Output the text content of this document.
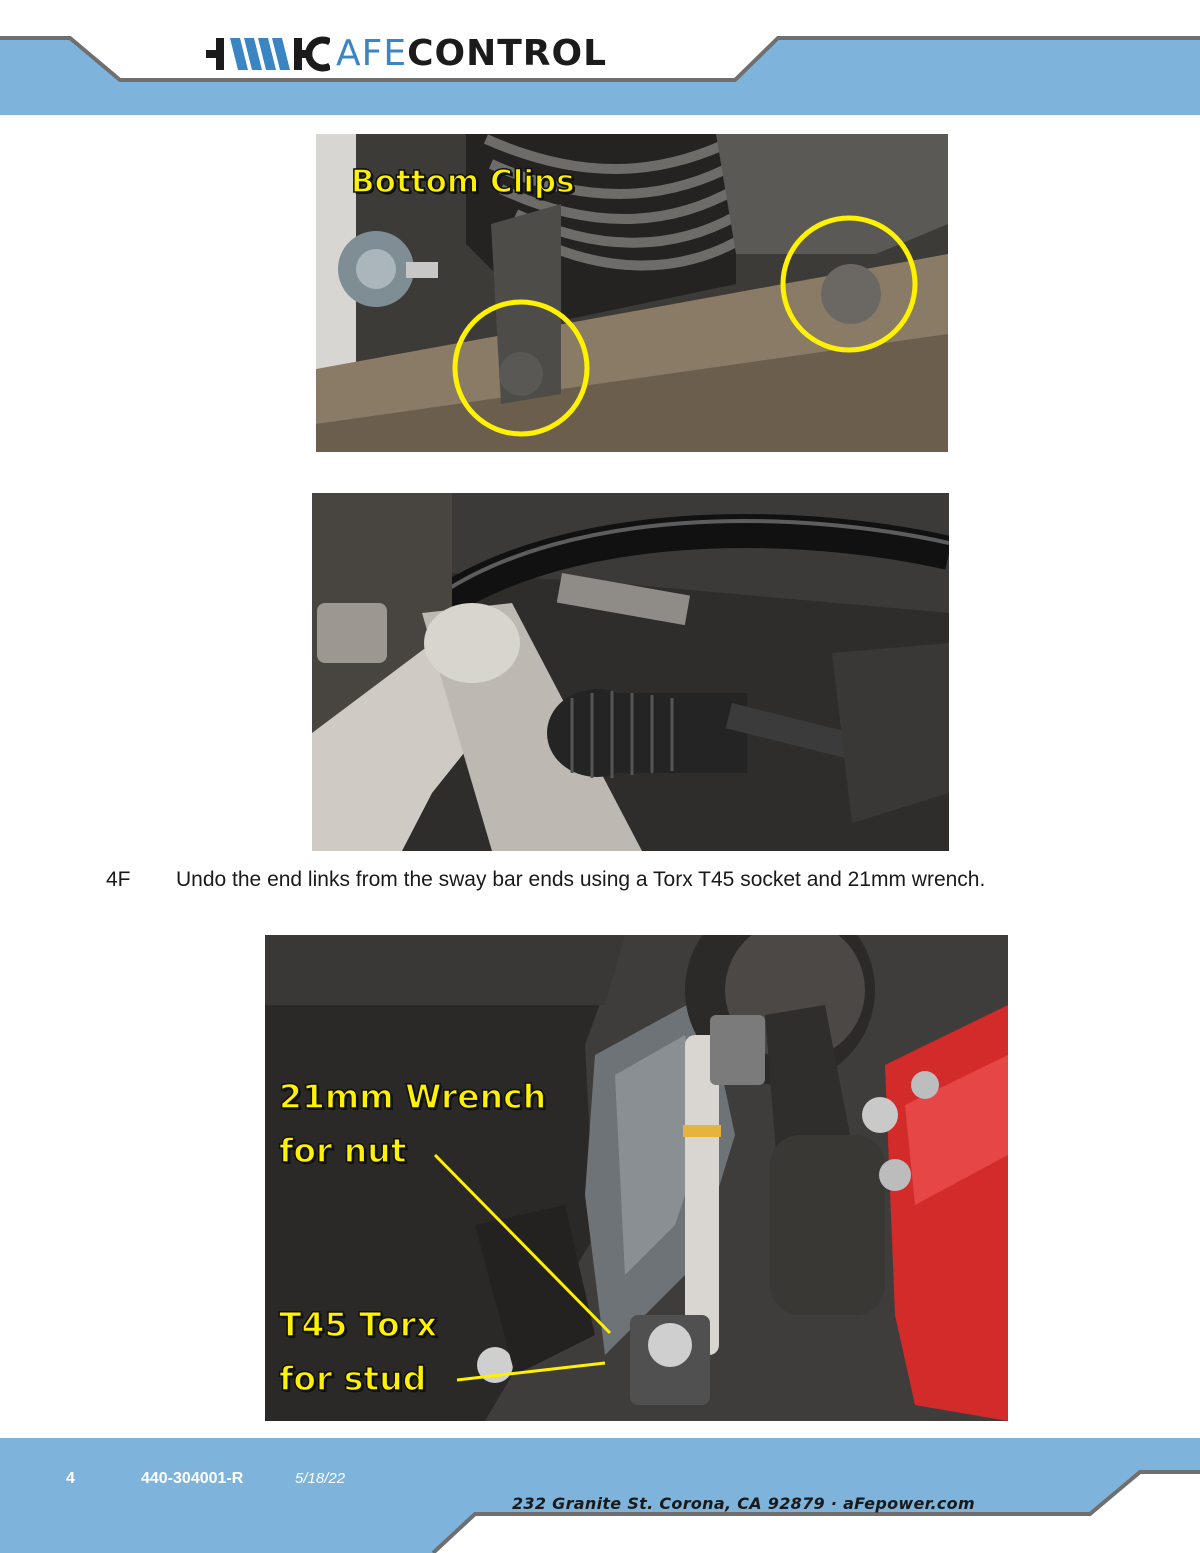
AFECONTROL
Bottom Clips
4F Undo the end links from the sway bar ends using a Torx T45 socket and 21mm wrench.
21mm Wrench
for nut
T45 Torx
for stud
4	440-304001-R	5/18/22
232 Granite St. Corona, CA 92879 · aFepower.com
